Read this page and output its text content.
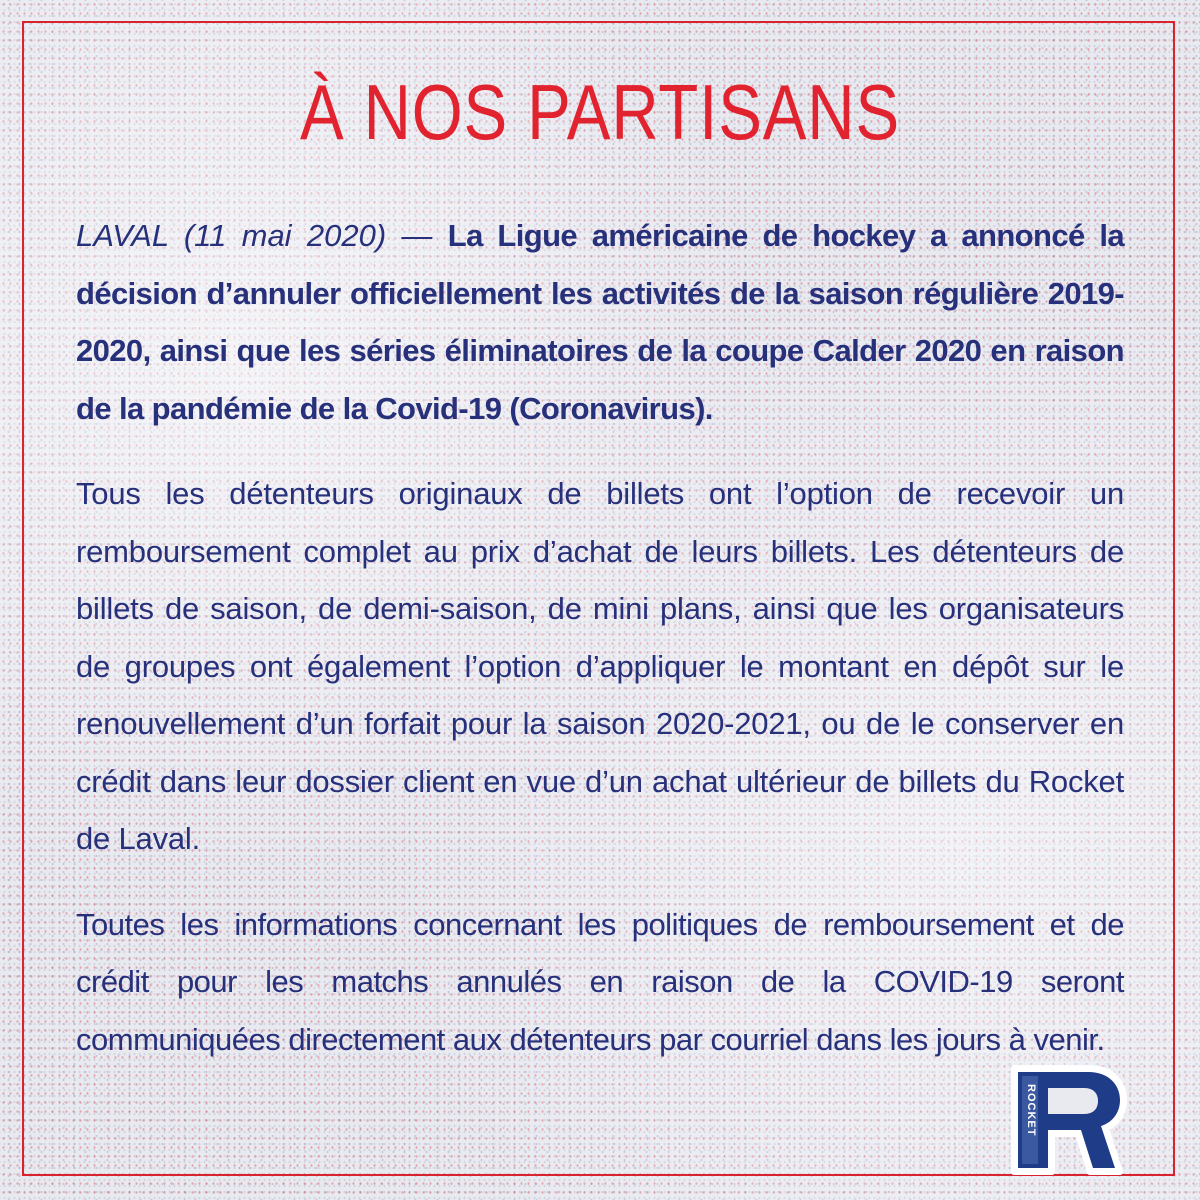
À NOS PARTISANS

LAVAL (11 mai 2020) — La Ligue américaine de hockey a annoncé la décision d’annuler officiellement les activités de la saison régulière 2019-2020, ainsi que les séries éliminatoires de la coupe Calder 2020 en raison de la pandémie de la Covid-19 (Coronavirus).

Tous les détenteurs originaux de billets ont l’option de recevoir un remboursement complet au prix d’achat de leurs billets. Les détenteurs de billets de saison, de demi-saison, de mini plans, ainsi que les organisateurs de groupes ont également l’option d’appliquer le montant en dépôt sur le renouvellement d’un forfait pour la saison 2020-2021, ou de le conserver en crédit dans leur dossier client en vue d’un achat ultérieur de billets du Rocket de Laval.

Toutes les informations concernant les politiques de remboursement et de crédit pour les matchs annulés en raison de la COVID-19 seront communiquées directement aux détenteurs par courriel dans les jours à venir.

ROCKET
